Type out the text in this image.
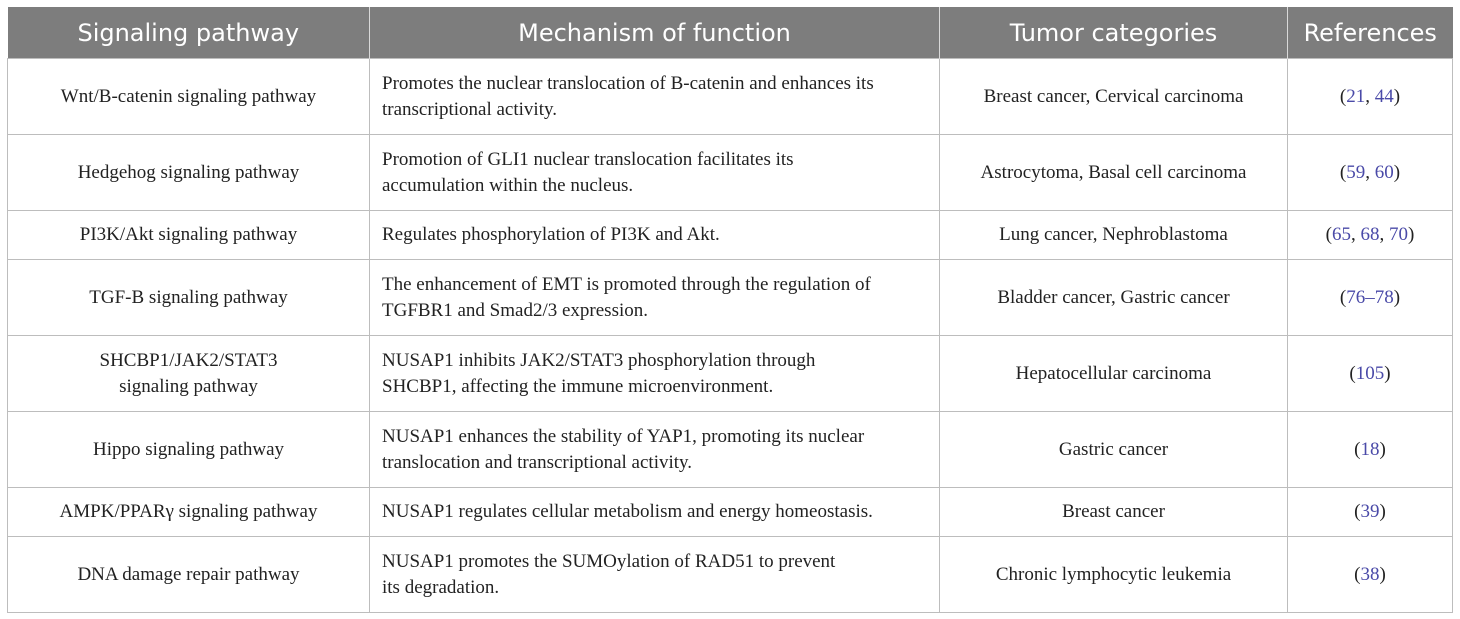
Signaling pathway	Mechanism of function	Tumor categories	References

Wnt/B-catenin signaling pathway	Promotes the nuclear translocation of B-catenin and enhances its
transcriptional activity.	Breast cancer, Cervical carcinoma	(21, 44)

Hedgehog signaling pathway	Promotion of GLI1 nuclear translocation facilitates its
accumulation within the nucleus.	Astrocytoma, Basal cell carcinoma	(59, 60)

PI3K/Akt signaling pathway	Regulates phosphorylation of PI3K and Akt.	Lung cancer, Nephroblastoma	(65, 68, 70)

TGF-B signaling pathway	The enhancement of EMT is promoted through the regulation of
TGFBR1 and Smad2/3 expression.	Bladder cancer, Gastric cancer	(76–78)

SHCBP1/JAK2/STAT3
signaling pathway	NUSAP1 inhibits JAK2/STAT3 phosphorylation through
SHCBP1, affecting the immune microenvironment.	Hepatocellular carcinoma	(105)

Hippo signaling pathway	NUSAP1 enhances the stability of YAP1, promoting its nuclear
translocation and transcriptional activity.	Gastric cancer	(18)

AMPK/PPARγ signaling pathway	NUSAP1 regulates cellular metabolism and energy homeostasis.	Breast cancer	(39)

DNA damage repair pathway	NUSAP1 promotes the SUMOylation of RAD51 to prevent
its degradation.	Chronic lymphocytic leukemia	(38)
